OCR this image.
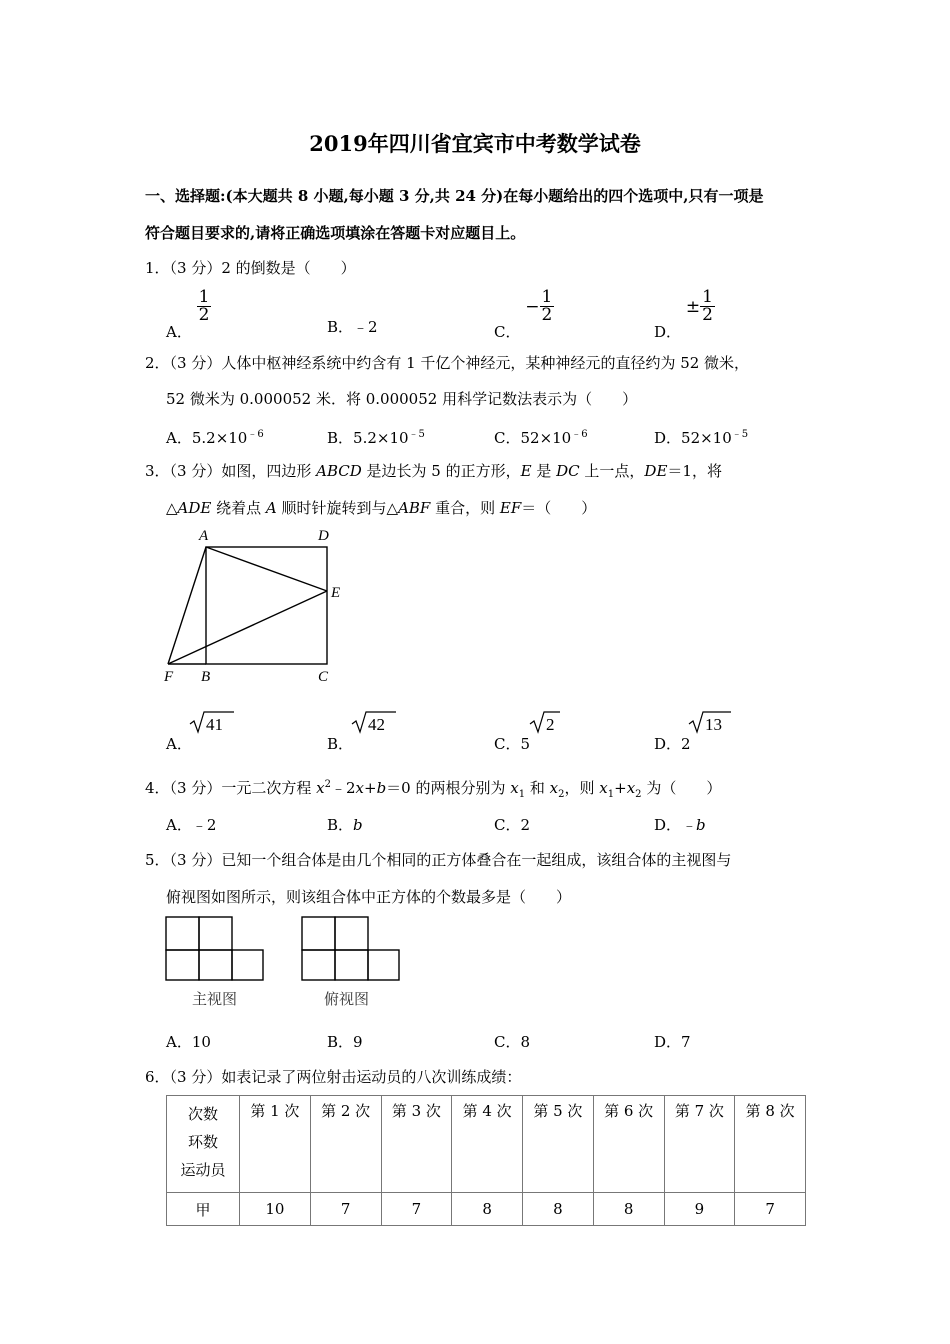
2019年四川省宜宾市中考数学试卷
一、选择题:(本大题共 8 小题,每小题 3 分,共 24 分)在每小题给出的四个选项中,只有一项是
符合题目要求的,请将正确选项填涂在答题卡对应题目上。
1．（3 分）2 的倒数是（　　）
A．
$\frac{1}{2}$
B．﹣2	C． − $\frac{1}{2}$
D． ± $\frac{1}{2}$
2．（3 分）人体中枢神经系统中约含有 1 千亿个神经元，某种神经元的直径约为 52 微米，
52 微米为 0.000052 米．将 0.000052 用科学记数法表示为（　　）
A．$5.2\times 10^{﹣6}$	B．$5.2\times 10^{﹣5}$	C．$52\times 10^{﹣6}$	D．$52\times 10^{﹣5}$
3．（3 分）如图，四边形 ABCD 是边长为 5 的正方形，E 是 DC 上一点，DE＝1，将
△ADE 绕着点 A 顺时针旋转到与△ABF 重合，则 EF＝（　　）
A	D
E
F B	C
A．
41
B．
42
C．5
2
D．2
13
4．（3 分）一元二次方程 $x^2﹣2x+b=0$ 的两根分别为 $x_1$ 和 $x_2$，则 $x_1+x_2$ 为（　　）
A．﹣2	B．b	C．2	D．﹣b
5．（3 分）已知一个组合体是由几个相同的正方体叠合在一起组成，该组合体的主视图与
俯视图如图所示，则该组合体中正方体的个数最多是（　　）
主视图	俯视图
A．10	B．9	C．8	D．7
6．（3 分）如表记录了两位射击运动员的八次训练成绩：
次数
环数
运动员	第 1 次	第 2 次	第 3 次	第 4 次	第 5 次	第 6 次	第 7 次	第 8 次
甲	10	7	7	8	8	8	9	7
